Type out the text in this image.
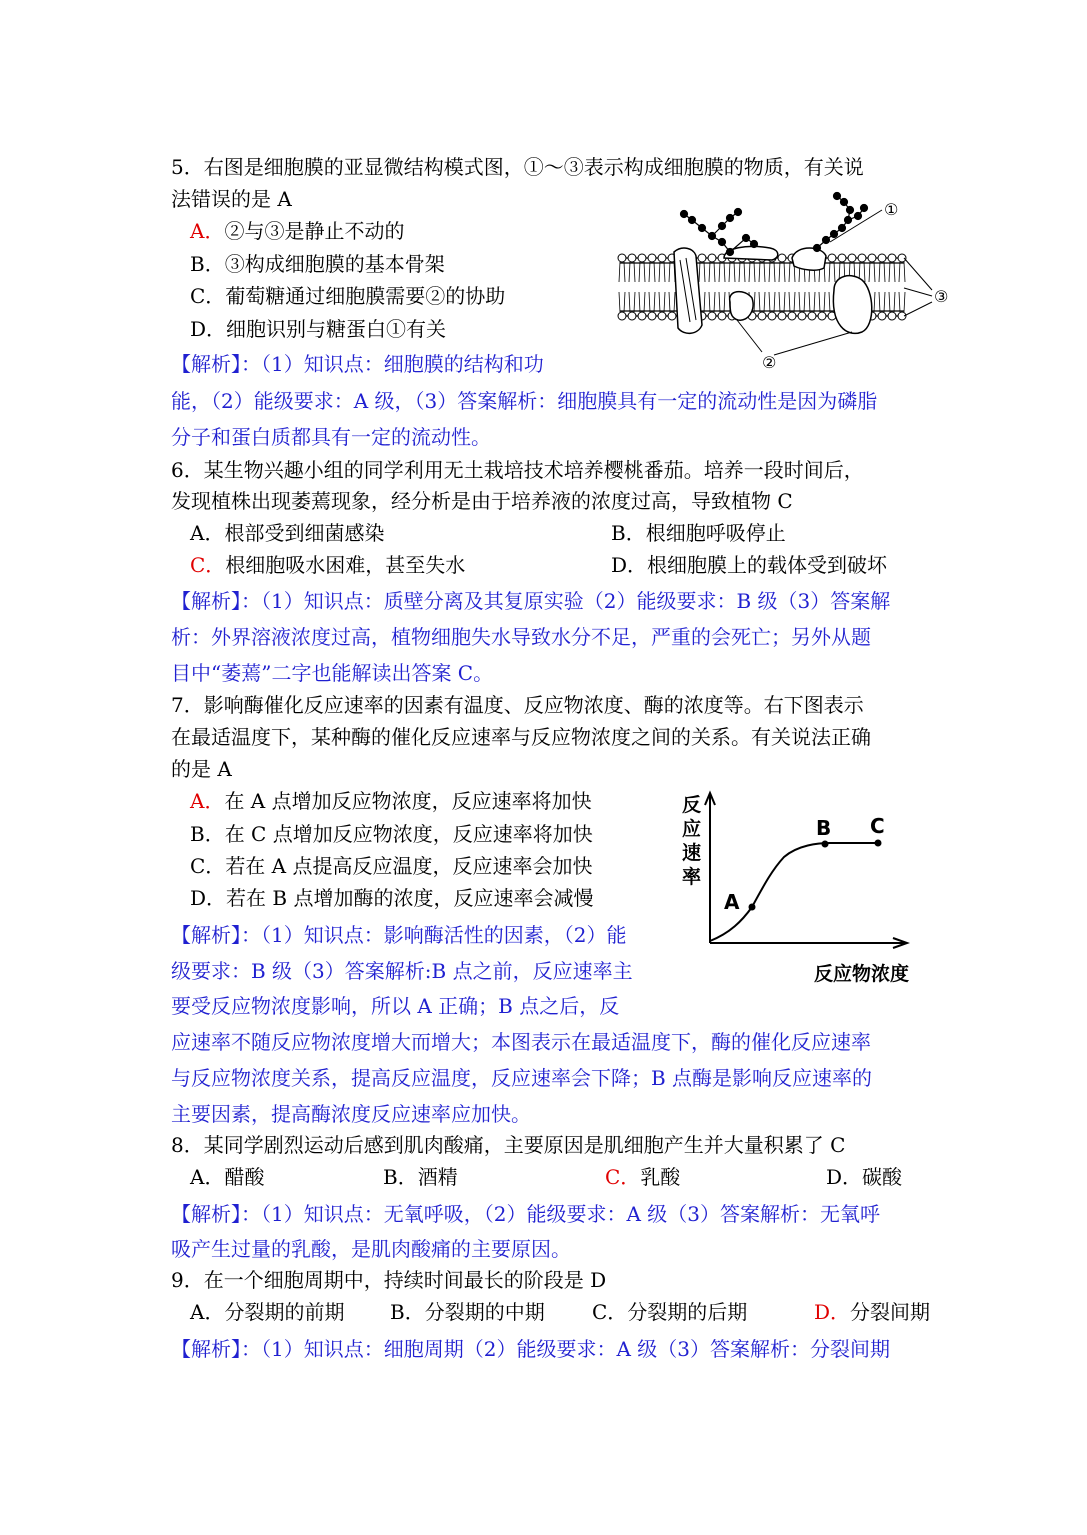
5．右图是细胞膜的亚显微结构模式图，①～③表示构成细胞膜的物质，有关说
法错误的是 A
A．②与③是静止不动的
B．③构成细胞膜的基本骨架
C．葡萄糖通过细胞膜需要②的协助
D．细胞识别与糖蛋白①有关
【解析】：（1）知识点：细胞膜的结构和功
能，（2）能级要求：A 级，（3）答案解析：细胞膜具有一定的流动性是因为磷脂
分子和蛋白质都具有一定的流动性。
①
②
③
6．某生物兴趣小组的同学利用无土栽培技术培养樱桃番茄。培养一段时间后，
发现植株出现萎蔫现象，经分析是由于培养液的浓度过高，导致植物 C
A．根部受到细菌感染	B．根细胞呼吸停止
C．根细胞吸水困难，甚至失水	D．根细胞膜上的载体受到破坏
【解析】：（1）知识点：质壁分离及其复原实验（2）能级要求：B 级（3）答案解
析：外界溶液浓度过高，植物细胞失水导致水分不足，严重的会死亡；另外从题
目中“萎蔫”二字也能解读出答案 C。
7．影响酶催化反应速率的因素有温度、反应物浓度、酶的浓度等。右下图表示
在最适温度下，某种酶的催化反应速率与反应物浓度之间的关系。有关说法正确
的是 A
A．在 A 点增加反应物浓度，反应速率将加快
B．在 C 点增加反应物浓度，反应速率将加快
C．若在 A 点提高反应温度，反应速率会加快
D．若在 B 点增加酶的浓度，反应速率会减慢
【解析】：（1）知识点：影响酶活性的因素，（2）能
级要求：B 级（3）答案解析:B 点之前，反应速率主
要受反应物浓度影响，所以 A 正确；B 点之后，反
应速率不随反应物浓度增大而增大；本图表示在最适温度下，酶的催化反应速率
与反应物浓度关系，提高反应温度，反应速率会下降；B 点酶是影响反应速率的
主要因素，提高酶浓度反应速率应加快。
A
B C
反
应
速
率
反应物浓度
8．某同学剧烈运动后感到肌肉酸痛，主要原因是肌细胞产生并大量积累了 C
A．醋酸	B．酒精	C．乳酸	D．碳酸
【解析】：（1）知识点：无氧呼吸，（2）能级要求：A 级（3）答案解析：无氧呼
吸产生过量的乳酸，是肌肉酸痛的主要原因。
9．在一个细胞周期中，持续时间最长的阶段是 D
A．分裂期的前期 B．分裂期的中期 C．分裂期的后期	D．分裂间期
【解析】：（1）知识点：细胞周期（2）能级要求：A 级（3）答案解析：分裂间期
